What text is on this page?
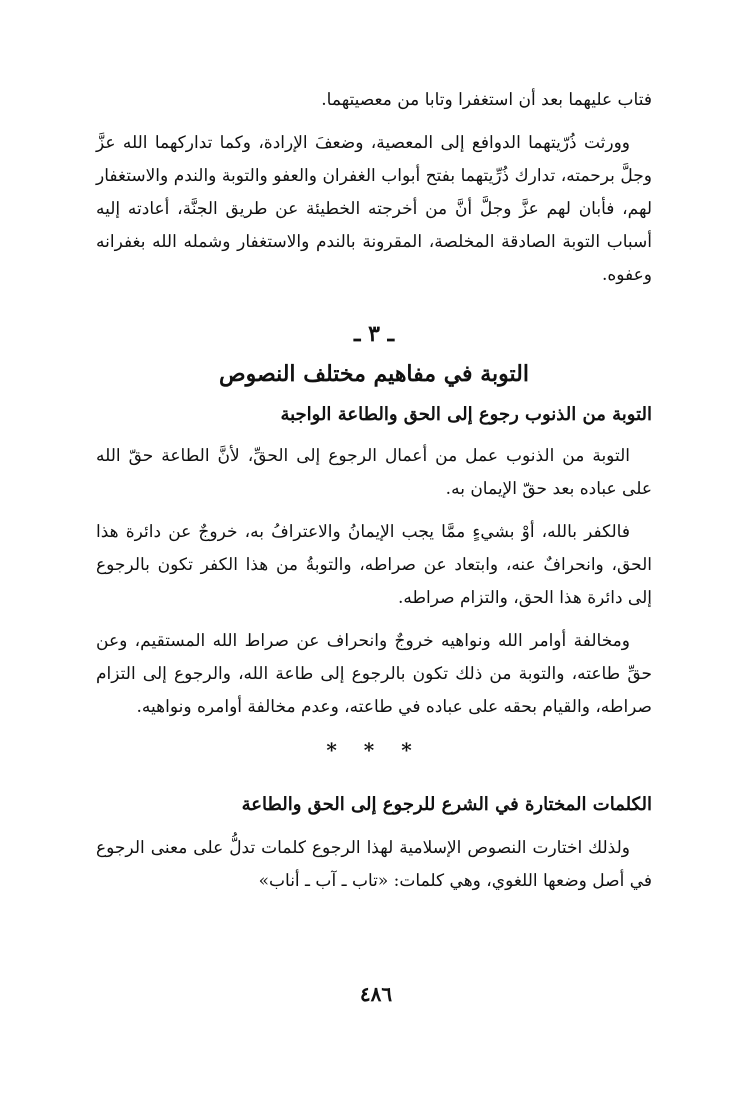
فتاب عليهما بعد أن استغفرا وتابا من معصيتهما.

وورثت ذُرّيتهما الدوافع إلى المعصية، وضعفَ الإرادة، وكما تداركهما الله عزَّ وجلَّ برحمته، تدارك ذُرِّيتهما بفتح أبواب الغفران والعفو والتوبة والندم والاستغفار لهم، فأبان لهم عزَّ وجلَّ أنَّ من أخرجته الخطيئة عن طريق الجنَّة، أعادته إليه أسباب التوبة الصادقة المخلصة، المقرونة بالندم والاستغفار وشمله الله بغفرانه وعفوه.

ـ ٣ ـ
التوبة في مفاهيم مختلف النصوص

التوبة من الذنوب رجوع إلى الحق والطاعة الواجبة

التوبة من الذنوب عمل من أعمال الرجوع إلى الحقِّ، لأنَّ الطاعة حقّ الله على عباده بعد حقّ الإيمان به.

فالكفر بالله، أوْ بشيءٍ ممَّا يجب الإيمانُ والاعترافُ به، خروجٌ عن دائرة هذا الحق، وانحرافٌ عنه، وابتعاد عن صراطه، والتوبةُ من هذا الكفر تكون بالرجوع إلى دائرة هذا الحق، والتزام صراطه.

ومخالفة أوامر الله ونواهيه خروجٌ وانحراف عن صراط الله المستقيم، وعن حقِّ طاعته، والتوبة من ذلك تكون بالرجوع إلى طاعة الله، والرجوع إلى التزام صراطه، والقيام بحقه على عباده في طاعته، وعدم مخالفة أوامره ونواهيه.

* * *

الكلمات المختارة في الشرع للرجوع إلى الحق والطاعة

ولذلك اختارت النصوص الإسلامية لهذا الرجوع كلمات تدلُّ على معنى الرجوع في أصل وضعها اللغوي، وهي كلمات: «تاب ـ آب ـ أناب»

٤٨٦
